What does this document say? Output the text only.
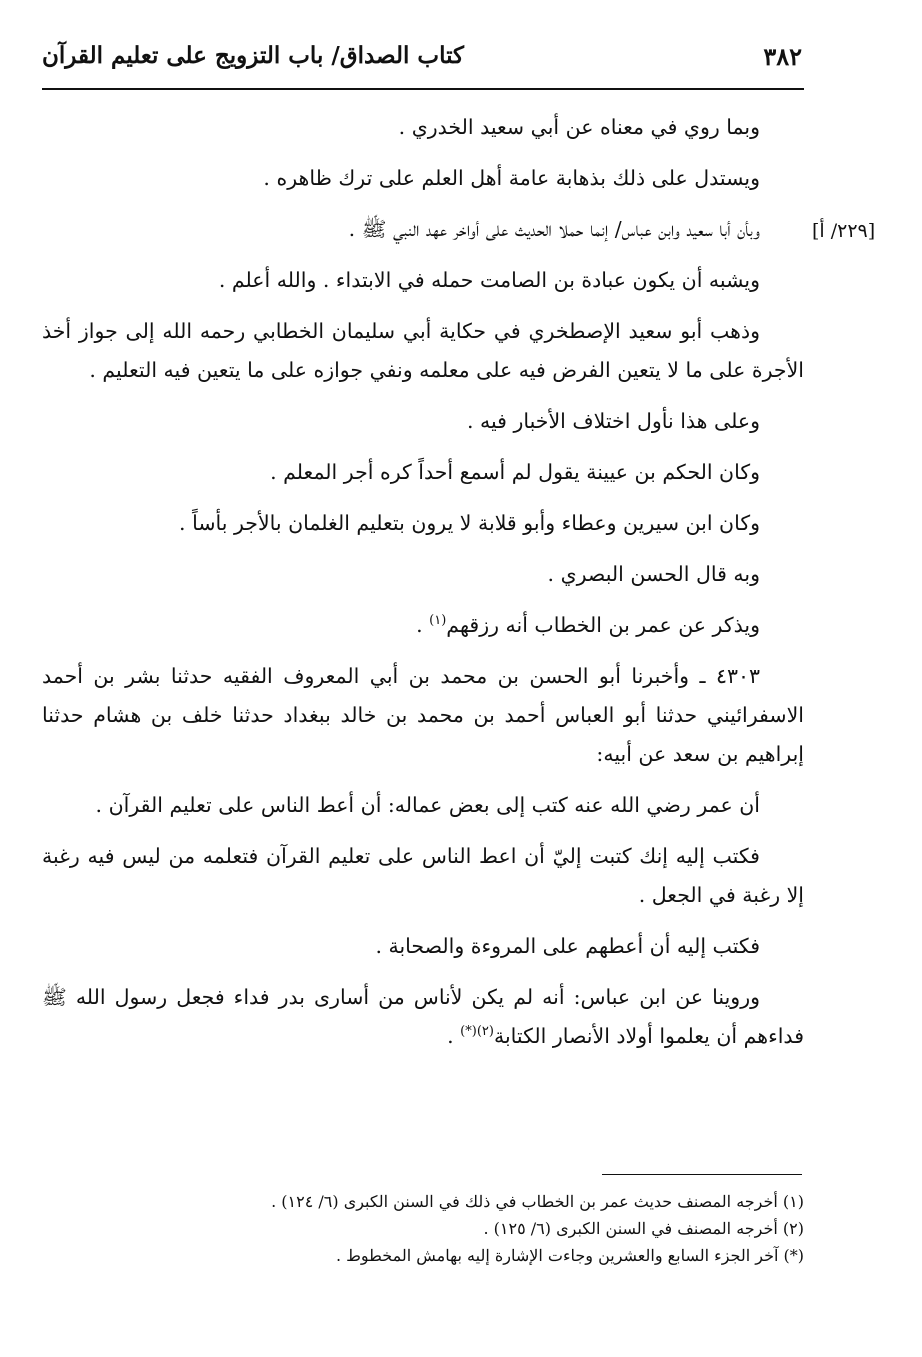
٣٨٢
كتاب الصداق/ باب التزويج على تعليم القرآن
[٢٢٩/ أ]

وبما روي في معناه عن أبي سعيد الخدري .

ويستدل على ذلك بذهابة عامة أهل العلم على ترك ظاهره .

وبأن أبا سعيد وابن عباس/ إنما حملا الحديث على أواخر عهد النبي ﷺ .

ويشبه أن يكون عبادة بن الصامت حمله في الابتداء . والله أعلم .

وذهب أبو سعيد الإصطخري في حكاية أبي سليمان الخطابي رحمه الله إلى جواز أخذ الأجرة على ما لا يتعين الفرض فيه على معلمه ونفي جوازه على ما يتعين فيه التعليم .

وعلى هذا نأول اختلاف الأخبار فيه .

وكان الحكم بن عيينة يقول لم أسمع أحداً كره أجر المعلم .

وكان ابن سيرين وعطاء وأبو قلابة لا يرون بتعليم الغلمان بالأجر بأساً .

وبه قال الحسن البصري .

ويذكر عن عمر بن الخطاب أنه رزقهم$^{(١)}$ .

٤٣٠٣ ـ وأخبرنا أبو الحسن بن محمد بن أبي المعروف الفقيه حدثنا بشر بن أحمد الاسفرائيني حدثنا أبو العباس أحمد بن محمد بن خالد ببغداد حدثنا خلف بن هشام حدثنا إبراهيم بن سعد عن أبيه:

أن عمر رضي الله عنه كتب إلى بعض عماله: أن أعط الناس على تعليم القرآن .

فكتب إليه إنك كتبت إليّ أن اعط الناس على تعليم القرآن فتعلمه من ليس فيه رغبة إلا رغبة في الجعل .

فكتب إليه أن أعطهم على المروءة والصحابة .

وروينا عن ابن عباس: أنه لم يكن لأناس من أسارى بدر فداء فجعل رسول الله ﷺ فداءهم أن يعلموا أولاد الأنصار الكتابة$^{(٢)(*)}$ .

(١) أخرجه المصنف حديث عمر بن الخطاب في ذلك في السنن الكبرى (٦/ ١٢٤) .
(٢) أخرجه المصنف في السنن الكبرى (٦/ ١٢٥) .
(*) آخر الجزء السابع والعشرين وجاءت الإشارة إليه بهامش المخطوط .
